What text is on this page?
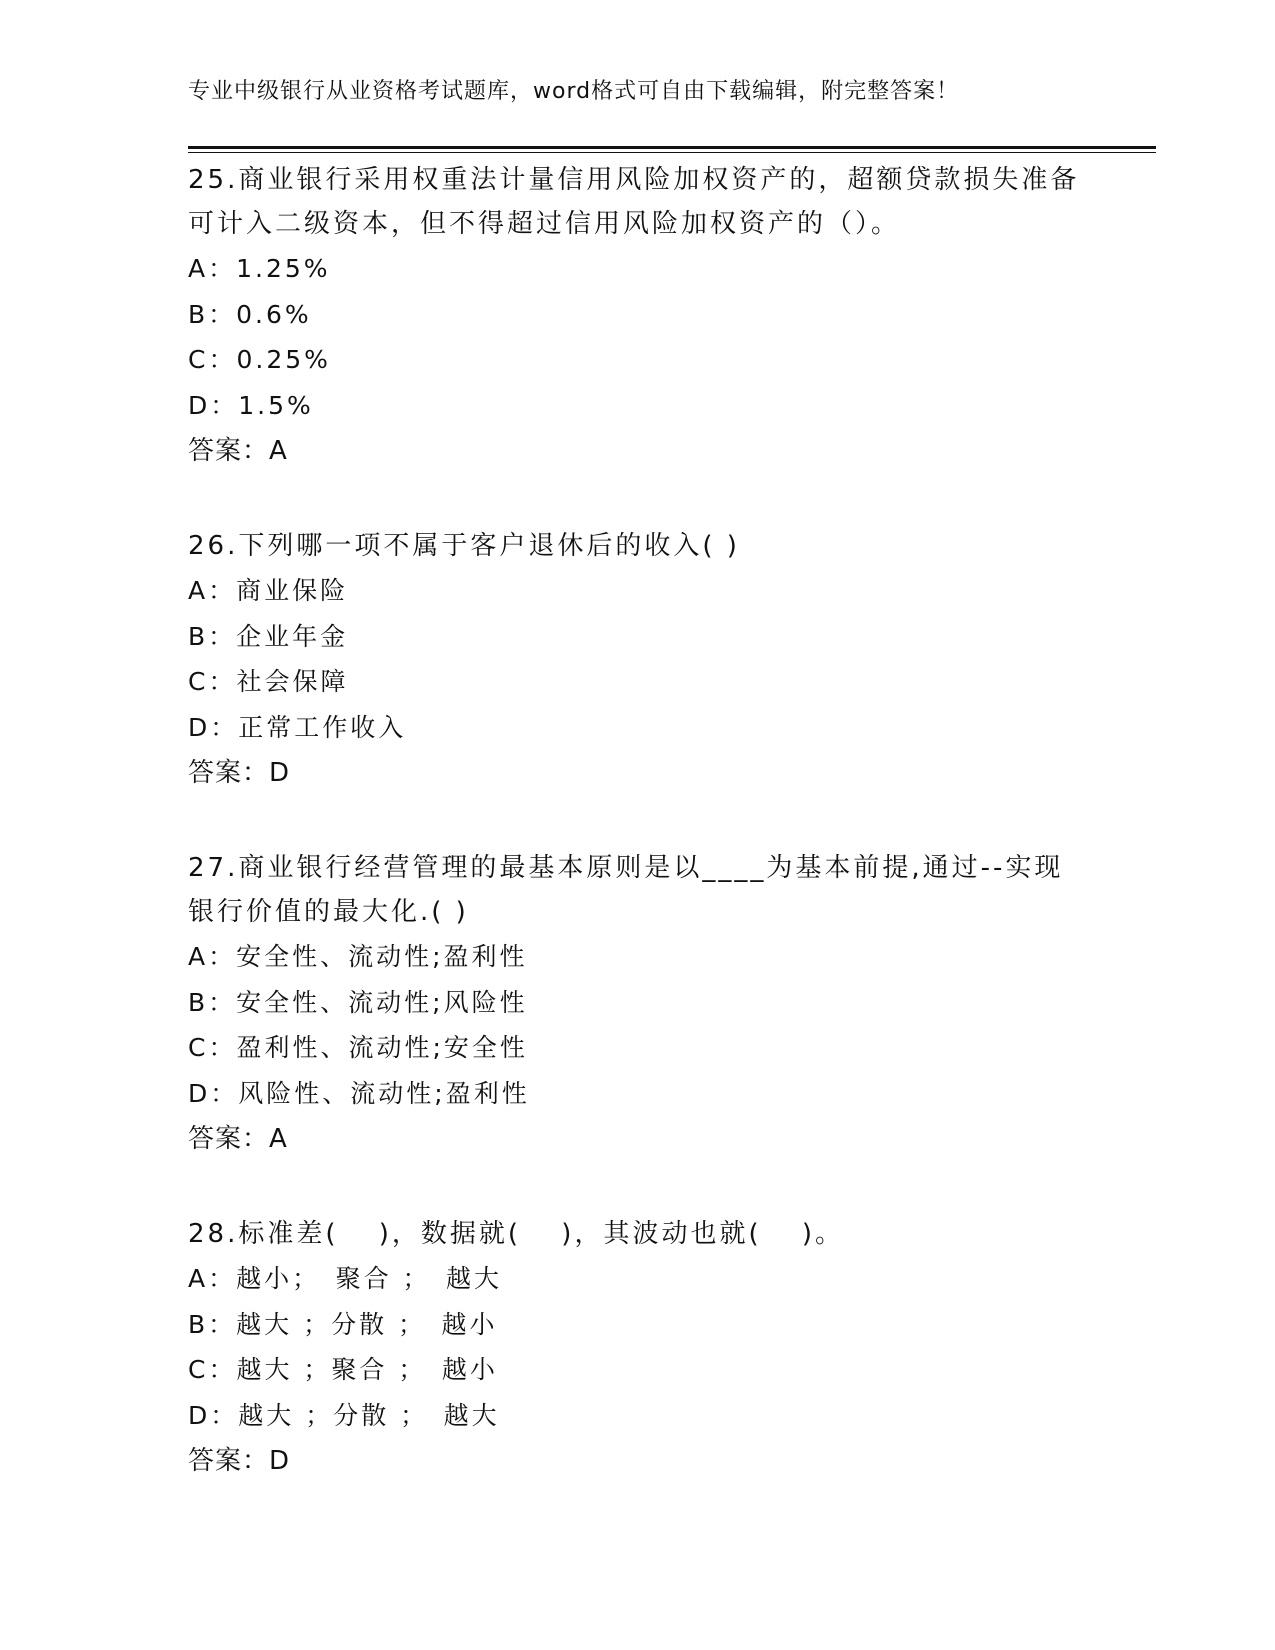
专业中级银行从业资格考试题库，word格式可自由下载编辑，附完整答案！

25.商业银行采用权重法计量信用风险加权资产的，超额贷款损失准备
可计入二级资本，但不得超过信用风险加权资产的（）。

A：1.25%

B：0.6%

C：0.25%

D：1.5%

答案：A

26.下列哪一项不属于客户退休后的收入( )

A：商业保险

B：企业年金

C：社会保障

D：正常工作收入

答案：D

27.商业银行经营管理的最基本原则是以____为基本前提,通过--实现
银行价值的最大化.( )

A：安全性、流动性;盈利性

B：安全性、流动性;风险性

C：盈利性、流动性;安全性

D：风险性、流动性;盈利性

答案：A

28.标准差(　 )，数据就(　 )，其波动也就(　 )。

A：越小；　聚合 ；　越大

B：越大 ；分散 ；　越小

C：越大 ；聚合 ；　越小

D：越大 ；分散 ；　越大

答案：D
